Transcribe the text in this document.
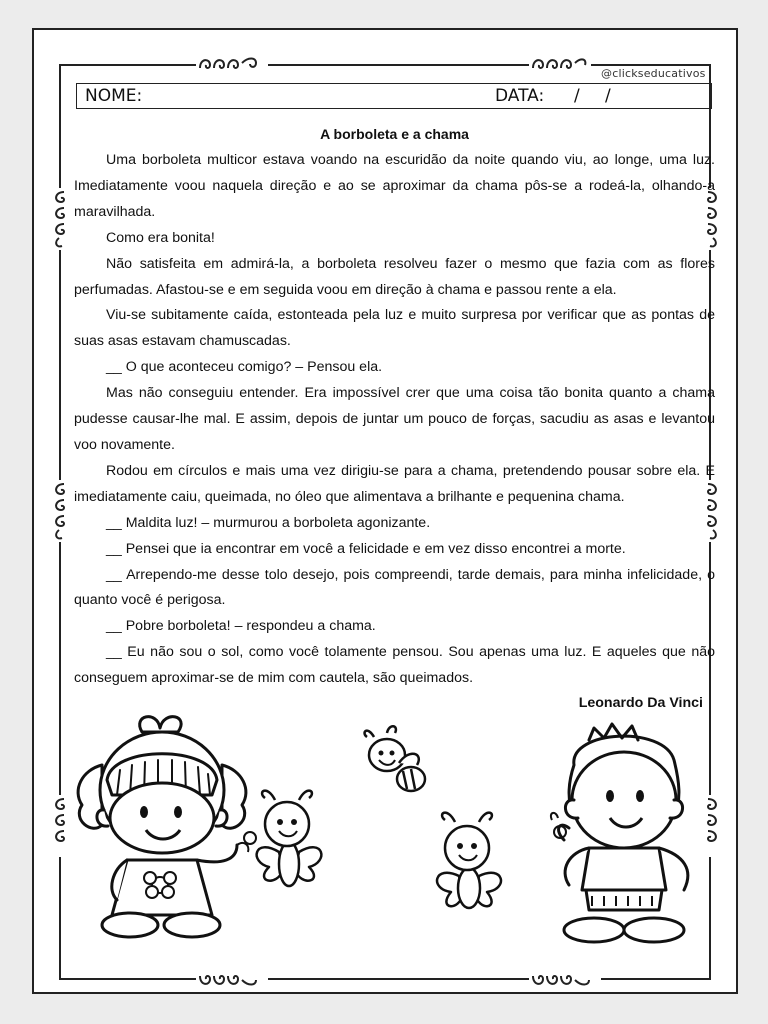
@clickseducativos
NOME:	DATA: / /
A borboleta e a chama

Uma borboleta multicor estava voando na escuridão da noite quando viu, ao longe, uma luz. Imediatamente voou naquela direção e ao se aproximar da chama pôs-se a rodeá-la, olhando-a maravilhada.

Como era bonita!

Não satisfeita em admirá-la, a borboleta resolveu fazer o mesmo que fazia com as flores perfumadas. Afastou-se e em seguida voou em direção à chama e passou rente a ela.

Viu-se subitamente caída, estonteada pela luz e muito surpresa por verificar que as pontas de suas asas estavam chamuscadas.

__ O que aconteceu comigo? – Pensou ela.

Mas não conseguiu entender. Era impossível crer que uma coisa tão bonita quanto a chama pudesse causar-lhe mal. E assim, depois de juntar um pouco de forças, sacudiu as asas e levantou voo novamente.

Rodou em círculos e mais uma vez dirigiu-se para a chama, pretendendo pousar sobre ela. E imediatamente caiu, queimada, no óleo que alimentava a brilhante e pequenina chama.

__ Maldita luz! – murmurou a borboleta agonizante.

__ Pensei que ia encontrar em você a felicidade e em vez disso encontrei a morte.

__ Arrependo-me desse tolo desejo, pois compreendi, tarde demais, para minha infelicidade, o quanto você é perigosa.

__ Pobre borboleta! – respondeu a chama.

__ Eu não sou o sol, como você tolamente pensou. Sou apenas uma luz. E aqueles que não conseguem aproximar-se de mim com cautela, são queimados.

Leonardo Da Vinci
